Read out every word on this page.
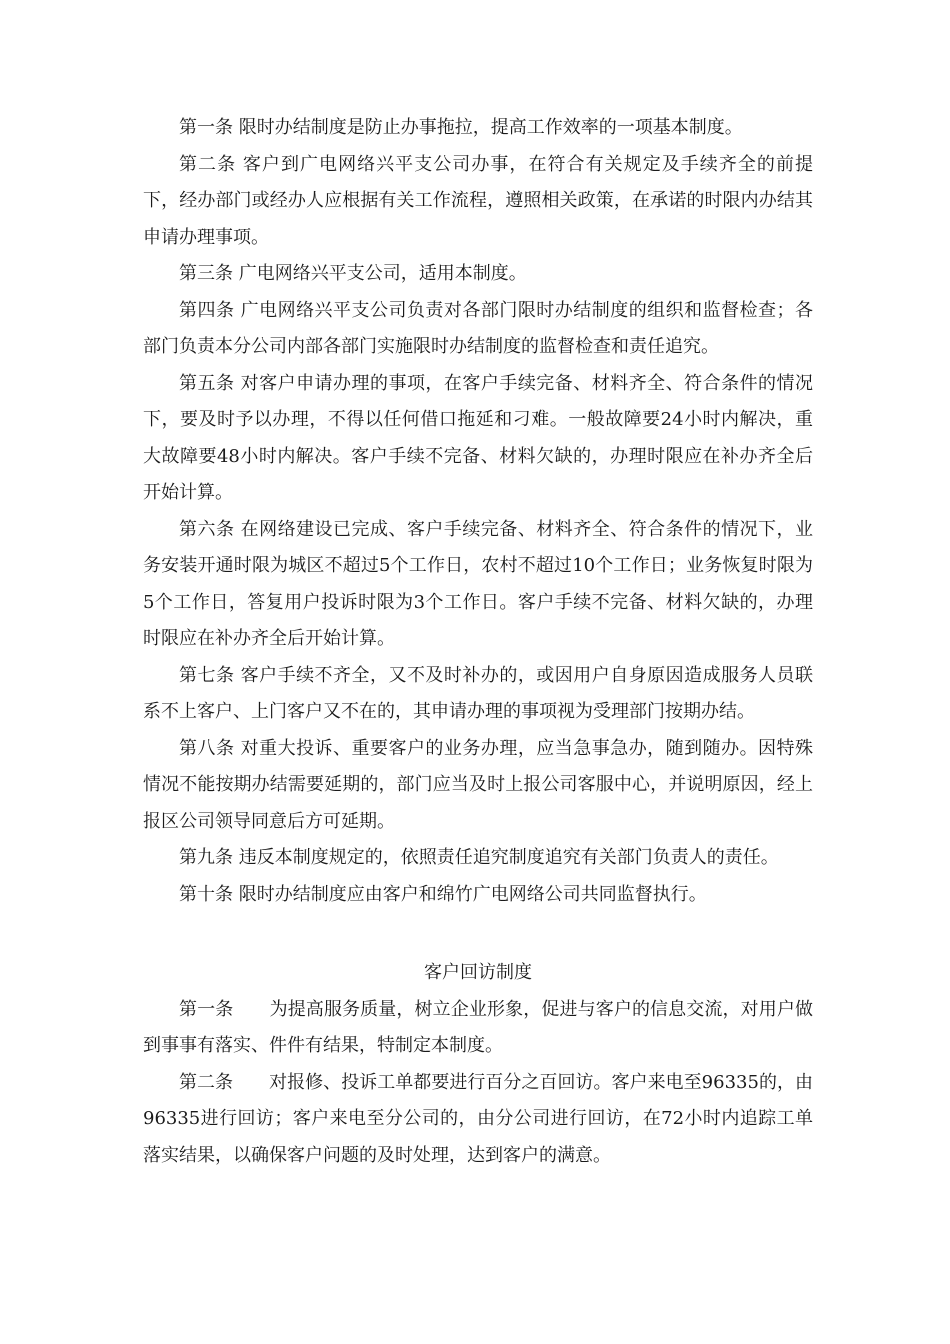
第一条 限时办结制度是防止办事拖拉，提高工作效率的一项基本制度。

第二条 客户到广电网络兴平支公司办事，在符合有关规定及手续齐全的前提下，经办部门或经办人应根据有关工作流程，遵照相关政策，在承诺的时限内办结其申请办理事项。

第三条 广电网络兴平支公司，适用本制度。

第四条 广电网络兴平支公司负责对各部门限时办结制度的组织和监督检查；各部门负责本分公司内部各部门实施限时办结制度的监督检查和责任追究。

第五条 对客户申请办理的事项，在客户手续完备、材料齐全、符合条件的情况下，要及时予以办理，不得以任何借口拖延和刁难。一般故障要24小时内解决，重大故障要48小时内解决。客户手续不完备、材料欠缺的，办理时限应在补办齐全后开始计算。

第六条 在网络建设已完成、客户手续完备、材料齐全、符合条件的情况下，业务安装开通时限为城区不超过5个工作日，农村不超过10个工作日；业务恢复时限为5个工作日，答复用户投诉时限为3个工作日。客户手续不完备、材料欠缺的，办理时限应在补办齐全后开始计算。

第七条 客户手续不齐全，又不及时补办的，或因用户自身原因造成服务人员联系不上客户、上门客户又不在的，其申请办理的事项视为受理部门按期办结。

第八条 对重大投诉、重要客户的业务办理，应当急事急办，随到随办。因特殊情况不能按期办结需要延期的，部门应当及时上报公司客服中心，并说明原因，经上报区公司领导同意后方可延期。

第九条 违反本制度规定的，依照责任追究制度追究有关部门负责人的责任。

第十条 限时办结制度应由客户和绵竹广电网络公司共同监督执行。

客户回访制度

第一条　　为提高服务质量，树立企业形象，促进与客户的信息交流，对用户做到事事有落实、件件有结果，特制定本制度。

第二条　　对报修、投诉工单都要进行百分之百回访。客户来电至96335的，由96335进行回访；客户来电至分公司的，由分公司进行回访，在72小时内追踪工单落实结果，以确保客户问题的及时处理，达到客户的满意。
